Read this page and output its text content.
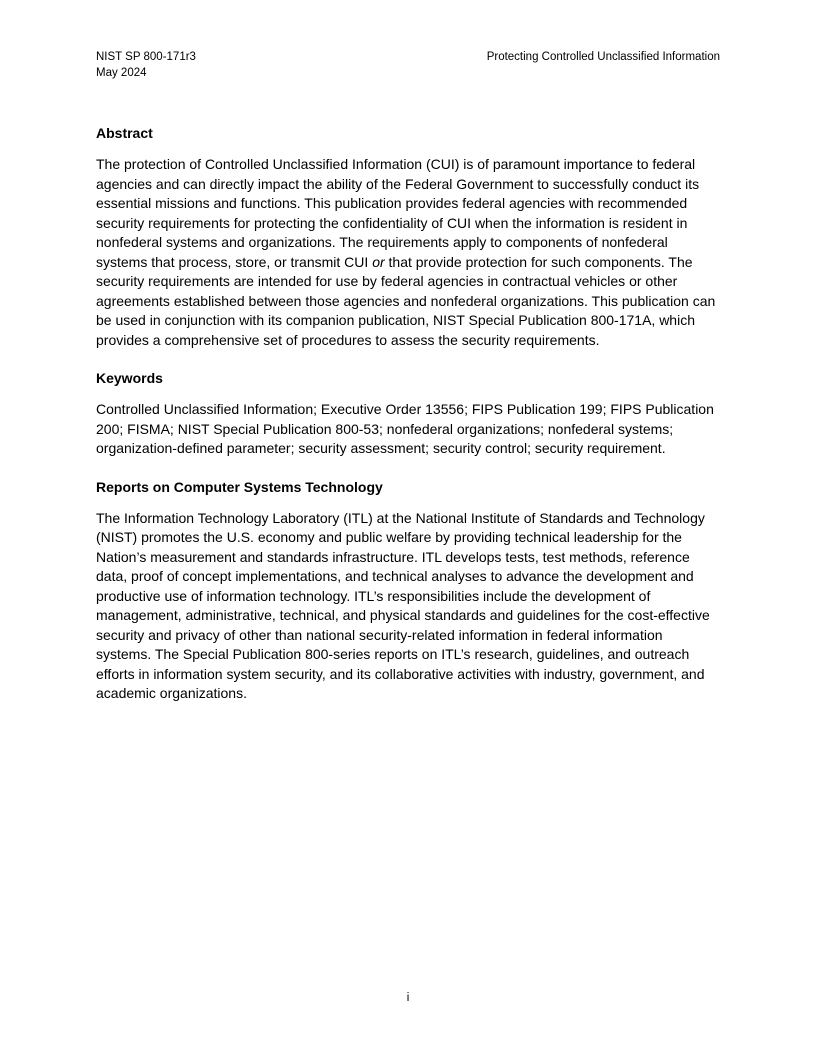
NIST SP 800-171r3
May 2024
Protecting Controlled Unclassified Information
Abstract

The protection of Controlled Unclassified Information (CUI) is of paramount importance to federal agencies and can directly impact the ability of the Federal Government to successfully conduct its essential missions and functions. This publication provides federal agencies with recommended security requirements for protecting the confidentiality of CUI when the information is resident in nonfederal systems and organizations. The requirements apply to components of nonfederal systems that process, store, or transmit CUI or that provide protection for such components. The security requirements are intended for use by federal agencies in contractual vehicles or other agreements established between those agencies and nonfederal organizations. This publication can be used in conjunction with its companion publication, NIST Special Publication 800-171A, which provides a comprehensive set of procedures to assess the security requirements.

Keywords

Controlled Unclassified Information; Executive Order 13556; FIPS Publication 199; FIPS Publication 200; FISMA; NIST Special Publication 800-53; nonfederal organizations; nonfederal systems; organization-defined parameter; security assessment; security control; security requirement.

Reports on Computer Systems Technology

The Information Technology Laboratory (ITL) at the National Institute of Standards and Technology (NIST) promotes the U.S. economy and public welfare by providing technical leadership for the Nation’s measurement and standards infrastructure. ITL develops tests, test methods, reference data, proof of concept implementations, and technical analyses to advance the development and productive use of information technology. ITL’s responsibilities include the development of management, administrative, technical, and physical standards and guidelines for the cost-effective security and privacy of other than national security-related information in federal information systems. The Special Publication 800-series reports on ITL’s research, guidelines, and outreach efforts in information system security, and its collaborative activities with industry, government, and academic organizations.

i
